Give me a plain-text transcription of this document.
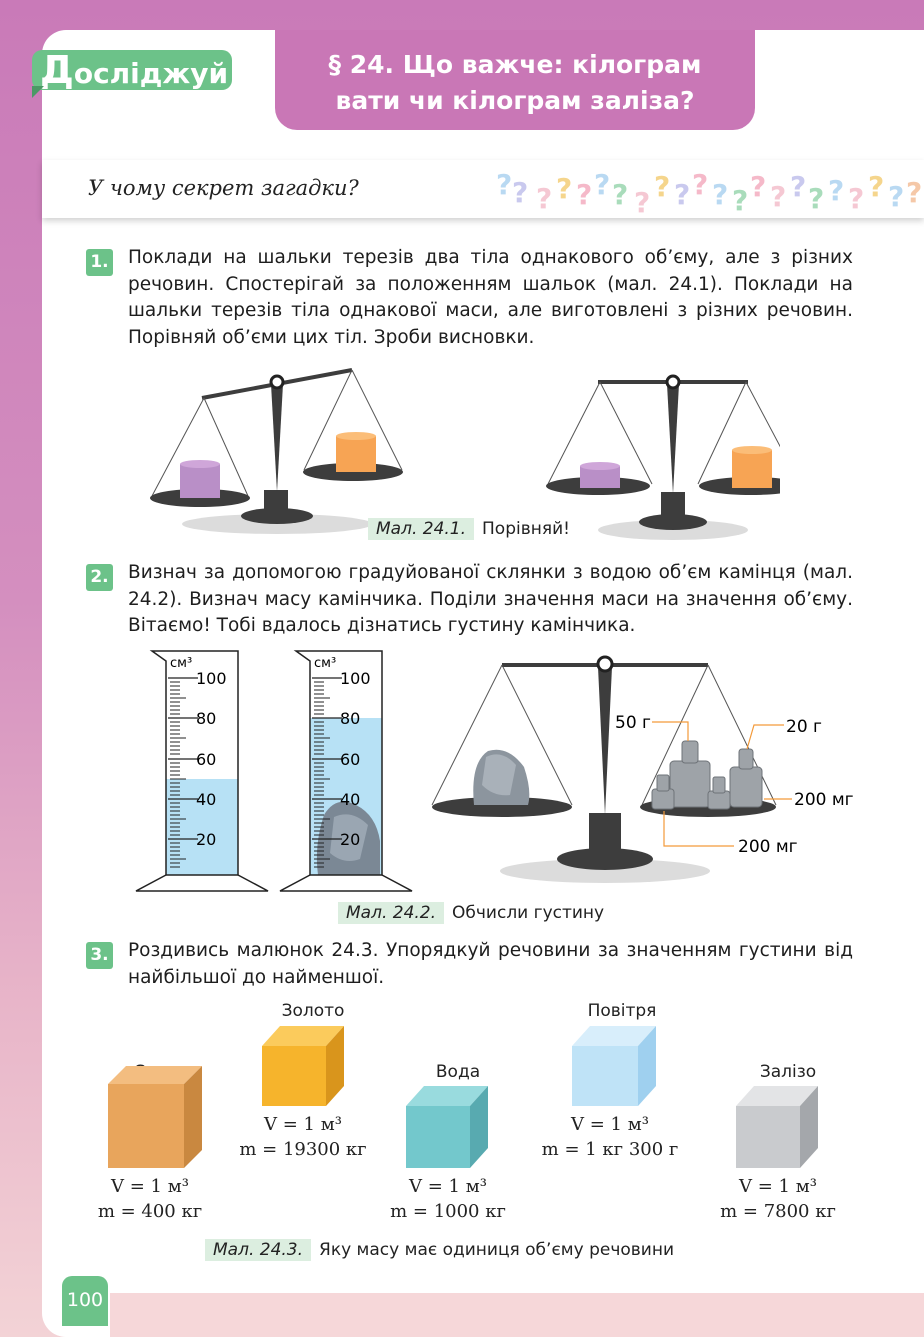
Досліджуй	§ 24. Що важче: кілограм
вати чи кілограм заліза?
У чому секрет загадки?	? ? ? ? ? ? ? ? ? ? ? ? ? ? ? ? ? ? ? ? ? ?
1. Поклади на шальки терезів два тіла однакового об’єму, але з різних речовин. Спостерігай за положенням шальок (мал. 24.1). Поклади на шальки терезів тіла однакової маси, але виготовлені з різних речовин. Порівняй об’єми цих тіл. Зроби висновки.
Мал. 24.1. Порівняй!
2. Визнач за допомогою градуйованої склянки з водою об’єм камінця (мал. 24.2). Визнач масу камінчика. Поділи значення маси на значення об’єму. Вітаємо! Тобі вдалось дізнатись густину камінчика.
см³
100
80
60
40
20
см³
100
80
60
40
20
50 г	20 г
200 мг
200 мг
Мал. 24.2. Обчисли густину
3. Роздивись малюнок 24.3. Упорядкуй речовини за значенням густини від найбільшої до найменшої.
Золото
Вода
Повітря
Залізо
V = 1 м³
m = 400 кг
V = 1 м³
m = 19300 кг
V = 1 м³
m = 1000 кг
V = 1 м³
m = 1 кг 300 г
V = 1 м³
m = 7800 кг
Мал. 24.3. Яку масу має одиниця об’єму речовини
100
